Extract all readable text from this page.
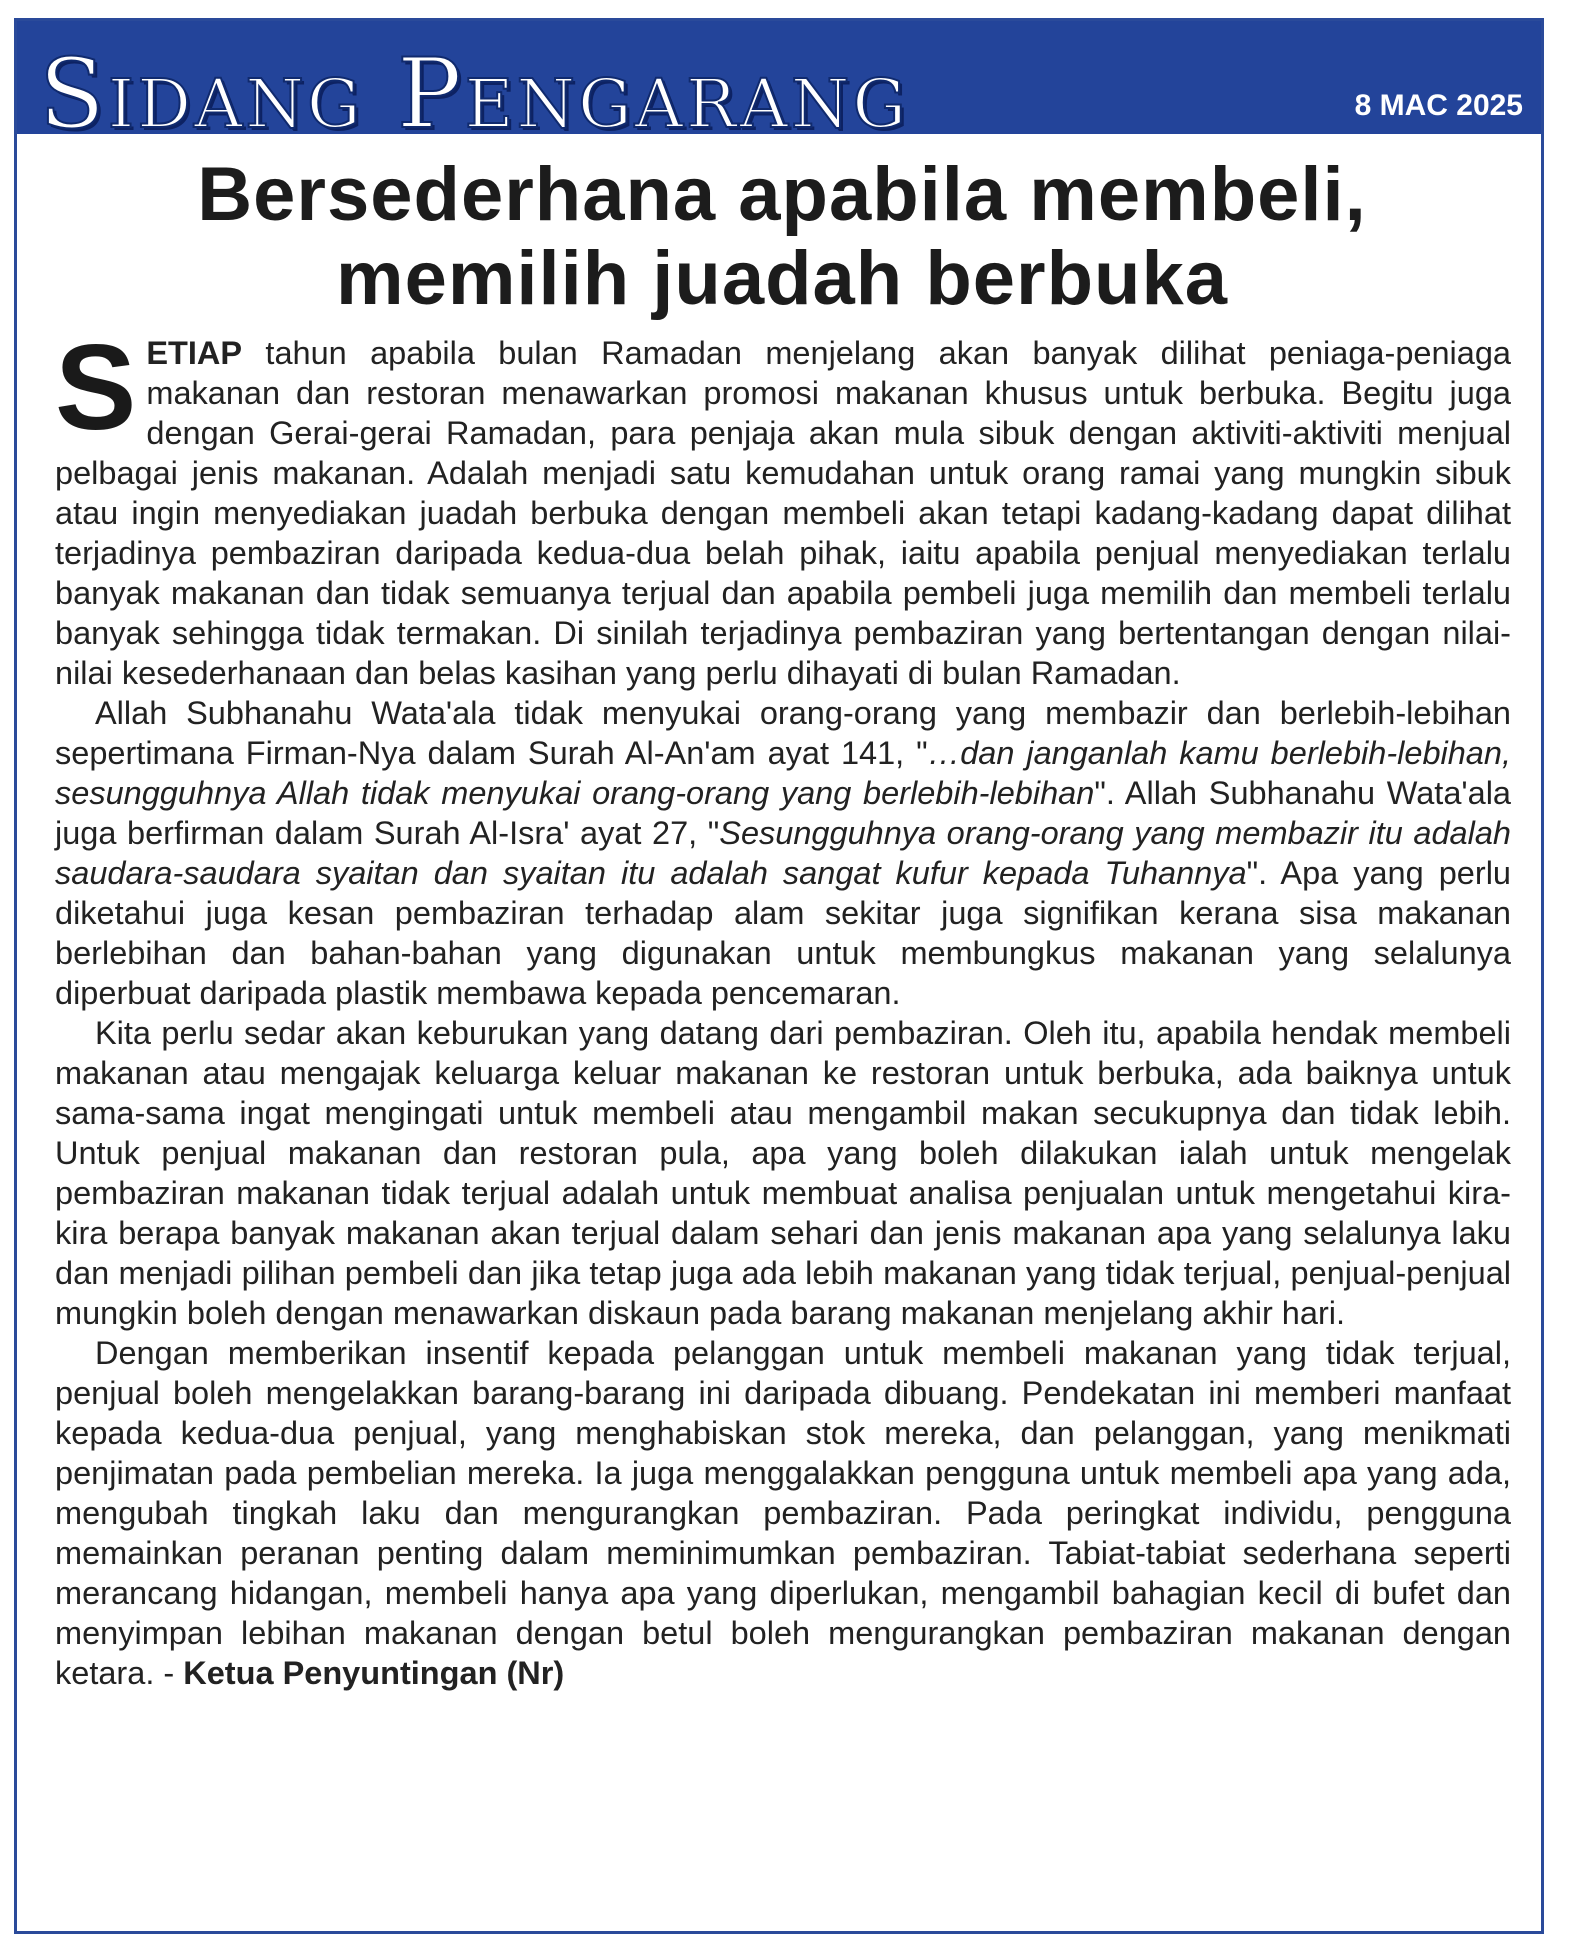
Sidang Pengarang	8 MAC 2025
Bersederhana apabila membeli,
memilih juadah berbuka

SETIAP tahun apabila bulan Ramadan menjelang akan banyak dilihat peniaga-peniaga makanan dan restoran menawarkan promosi makanan khusus untuk berbuka. Begitu juga dengan Gerai-gerai Ramadan, para penjaja akan mula sibuk dengan aktiviti-aktiviti menjual pelbagai jenis makanan. Adalah menjadi satu kemudahan untuk orang ramai yang mungkin sibuk atau ingin menyediakan juadah berbuka dengan membeli akan tetapi kadang-kadang dapat dilihat terjadinya pembaziran daripada kedua-dua belah pihak, iaitu apabila penjual menyediakan terlalu banyak makanan dan tidak semuanya terjual dan apabila pembeli juga memilih dan membeli terlalu banyak sehingga tidak termakan. Di sinilah terjadinya pembaziran yang bertentangan dengan nilai-nilai kesederhanaan dan belas kasihan yang perlu dihayati di bulan Ramadan.

Allah Subhanahu Wata'ala tidak menyukai orang-orang yang membazir dan berlebih-lebihan sepertimana Firman-Nya dalam Surah Al-An'am ayat 141, "…dan janganlah kamu berlebih-lebihan, sesungguhnya Allah tidak menyukai orang-orang yang berlebih-lebihan". Allah Subhanahu Wata'ala juga berfirman dalam Surah Al-Isra' ayat 27, "Sesungguhnya orang-orang yang membazir itu adalah saudara-saudara syaitan dan syaitan itu adalah sangat kufur kepada Tuhannya". Apa yang perlu diketahui juga kesan pembaziran terhadap alam sekitar juga signifikan kerana sisa makanan berlebihan dan bahan-bahan yang digunakan untuk membungkus makanan yang selalunya diperbuat daripada plastik membawa kepada pencemaran.

Kita perlu sedar akan keburukan yang datang dari pembaziran. Oleh itu, apabila hendak membeli makanan atau mengajak keluarga keluar makanan ke restoran untuk berbuka, ada baiknya untuk sama-sama ingat mengingati untuk membeli atau mengambil makan secukupnya dan tidak lebih. Untuk penjual makanan dan restoran pula, apa yang boleh dilakukan ialah untuk mengelak pembaziran makanan tidak terjual adalah untuk membuat analisa penjualan untuk mengetahui kira-kira berapa banyak makanan akan terjual dalam sehari dan jenis makanan apa yang selalunya laku dan menjadi pilihan pembeli dan jika tetap juga ada lebih makanan yang tidak terjual, penjual-penjual mungkin boleh dengan menawarkan diskaun pada barang makanan menjelang akhir hari.

Dengan memberikan insentif kepada pelanggan untuk membeli makanan yang tidak terjual, penjual boleh mengelakkan barang-barang ini daripada dibuang. Pendekatan ini memberi manfaat kepada kedua-dua penjual, yang menghabiskan stok mereka, dan pelanggan, yang menikmati penjimatan pada pembelian mereka. Ia juga menggalakkan pengguna untuk membeli apa yang ada, mengubah tingkah laku dan mengurangkan pembaziran. Pada peringkat individu, pengguna memainkan peranan penting dalam meminimumkan pembaziran. Tabiat-tabiat sederhana seperti merancang hidangan, membeli hanya apa yang diperlukan, mengambil bahagian kecil di bufet dan menyimpan lebihan makanan dengan betul boleh mengurangkan pembaziran makanan dengan ketara. - Ketua Penyuntingan (Nr)
